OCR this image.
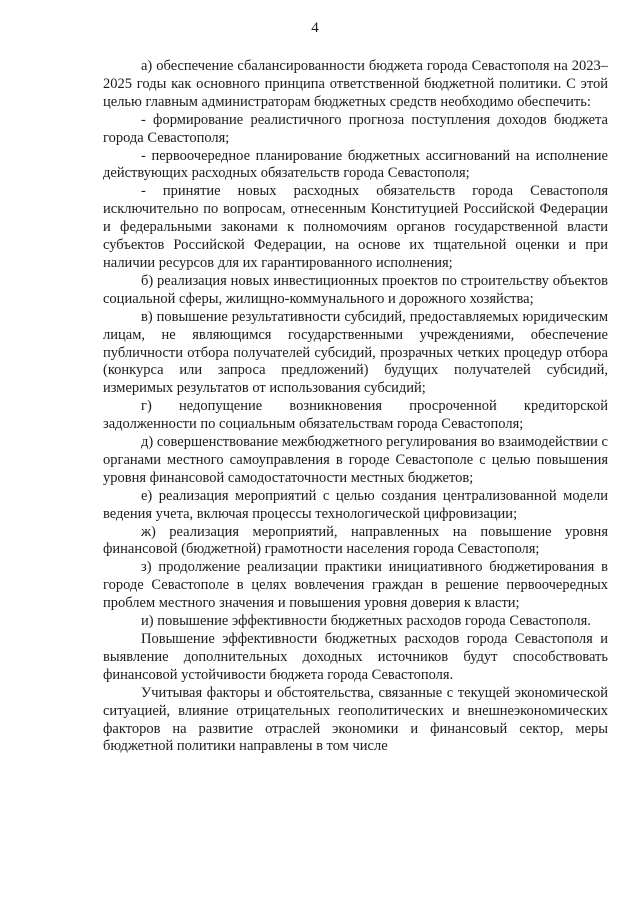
4

а) обеспечение сбалансированности бюджета города Севастополя на 2023–2025 годы как основного принципа ответственной бюджетной политики. С этой целью главным администраторам бюджетных средств необходимо обеспечить:

- формирование реалистичного прогноза поступления доходов бюджета города Севастополя;

- первоочередное планирование бюджетных ассигнований на исполнение действующих расходных обязательств города Севастополя;

- принятие новых расходных обязательств города Севастополя исключительно по вопросам, отнесенным Конституцией Российской Федерации и федеральными законами к полномочиям органов государственной власти субъектов Российской Федерации, на основе их тщательной оценки и при наличии ресурсов для их гарантированного исполнения;

б) реализация новых инвестиционных проектов по строительству объектов социальной сферы, жилищно-коммунального и дорожного хозяйства;

в) повышение результативности субсидий, предоставляемых юридическим лицам, не являющимся государственными учреждениями, обеспечение публичности отбора получателей субсидий, прозрачных четких процедур отбора (конкурса или запроса предложений) будущих получателей субсидий, измеримых результатов от использования субсидий;

г) недопущение возникновения просроченной кредиторской задолженности по социальным обязательствам города Севастополя;

д) совершенствование межбюджетного регулирования во взаимодействии с органами местного самоуправления в городе Севастополе с целью повышения уровня финансовой самодостаточности местных бюджетов;

е) реализация мероприятий с целью создания централизованной модели ведения учета, включая процессы технологической цифровизации;

ж) реализация мероприятий, направленных на повышение уровня финансовой (бюджетной) грамотности населения города Севастополя;

з) продолжение реализации практики инициативного бюджетирования в городе Севастополе в целях вовлечения граждан в решение первоочередных проблем местного значения и повышения уровня доверия к власти;

и) повышение эффективности бюджетных расходов города Севастополя.

Повышение эффективности бюджетных расходов города Севастополя и выявление дополнительных доходных источников будут способствовать финансовой устойчивости бюджета города Севастополя.

Учитывая факторы и обстоятельства, связанные с текущей экономической ситуацией, влияние отрицательных геополитических и внешнеэкономических факторов на развитие отраслей экономики и финансовый сектор, меры бюджетной политики направлены в том числе
